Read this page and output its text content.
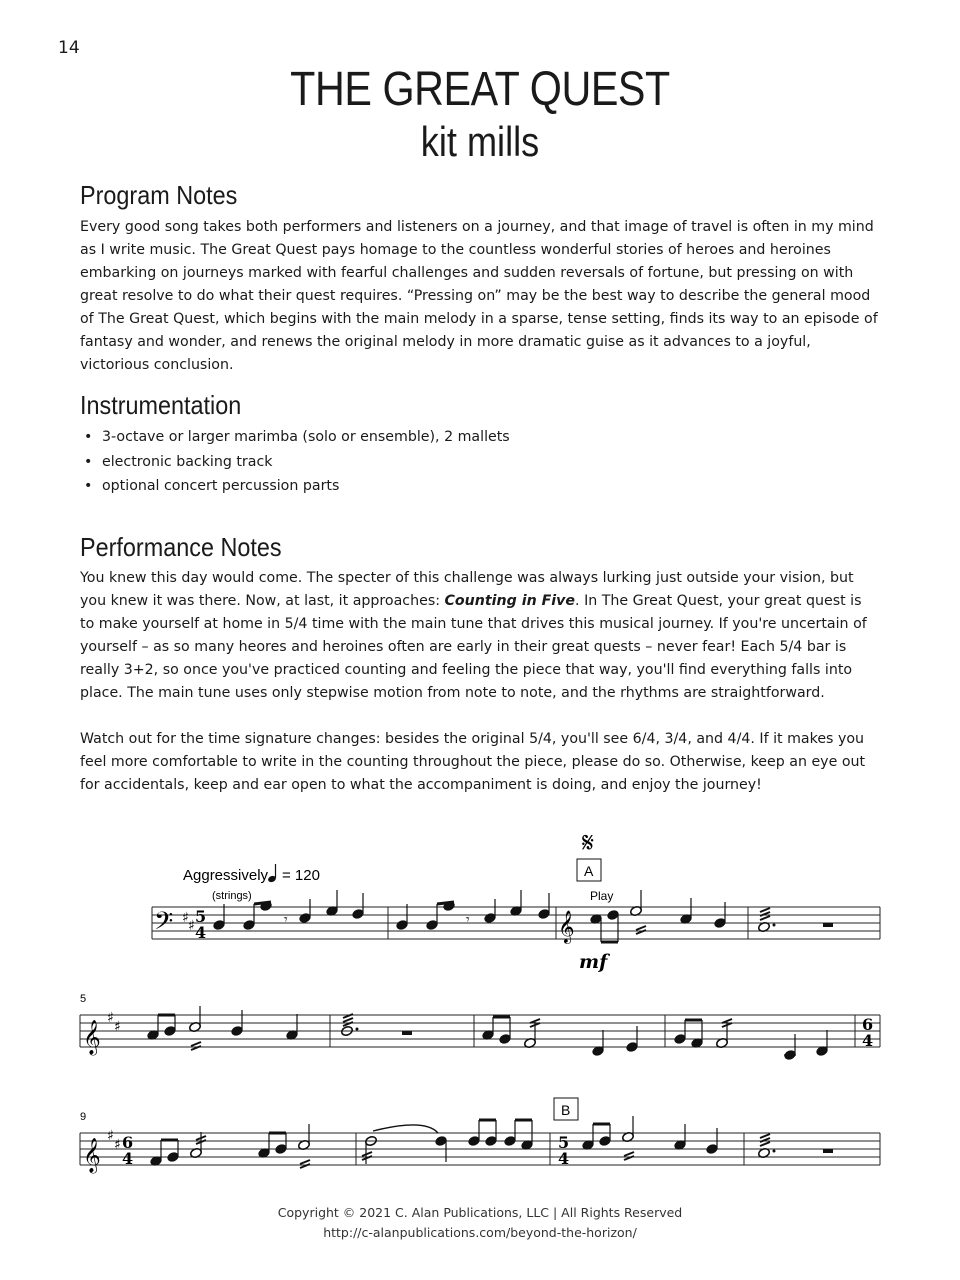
14
THE GREAT QUEST
kit mills
Program Notes

Every good song takes both performers and listeners on a journey, and that image of travel is often in my mind as I write music. The Great Quest pays homage to the countless wonderful stories of heroes and heroines embarking on journeys marked with fearful challenges and sudden reversals of fortune, but pressing on with great resolve to do what their quest requires. “Pressing on” may be the best way to describe the general mood of The Great Quest, which begins with the main melody in a sparse, tense setting, finds its way to an episode of fantasy and wonder, and renews the original melody in more dramatic guise as it advances to a joyful, victorious conclusion.

Instrumentation
• 3-octave or larger marimba (solo or ensemble), 2 mallets
• electronic backing track
• optional concert percussion parts
Performance Notes

You knew this day would come. The specter of this challenge was always lurking just outside your vision, but you knew it was there. Now, at last, it approaches: Counting in Five. In The Great Quest, your great quest is to make yourself at home in 5/4 time with the main tune that drives this musical journey. If you're uncertain of yourself – as so many heores and heroines often are early in their great quests – never fear! Each 5/4 bar is really 3+2, so once you've practiced counting and feeling the piece that way, you'll find everything falls into place. The main tune uses only stepwise motion from note to note, and the rhythms are straightforward.

Watch out for the time signature changes: besides the original 5/4, you'll see 6/4, 3/4, and 4/4. If it makes you feel more comfortable to write in the counting throughout the piece, please do so. Otherwise, keep an eye out for accidentals, keep and ear open to what the accompaniment is doing, and enjoy the journey!

Aggressively = 120
(strings)
𝄋
A
Play
𝄢 ♯ ♯ 5
4
𝄾	𝄾	𝄞
mf
5
𝄞
♯
♯	6
4
9	B
𝄞
♯
♯ 6
4
5
4
Copyright © 2021 C. Alan Publications, LLC | All Rights Reserved
http://c-alanpublications.com/beyond-the-horizon/
